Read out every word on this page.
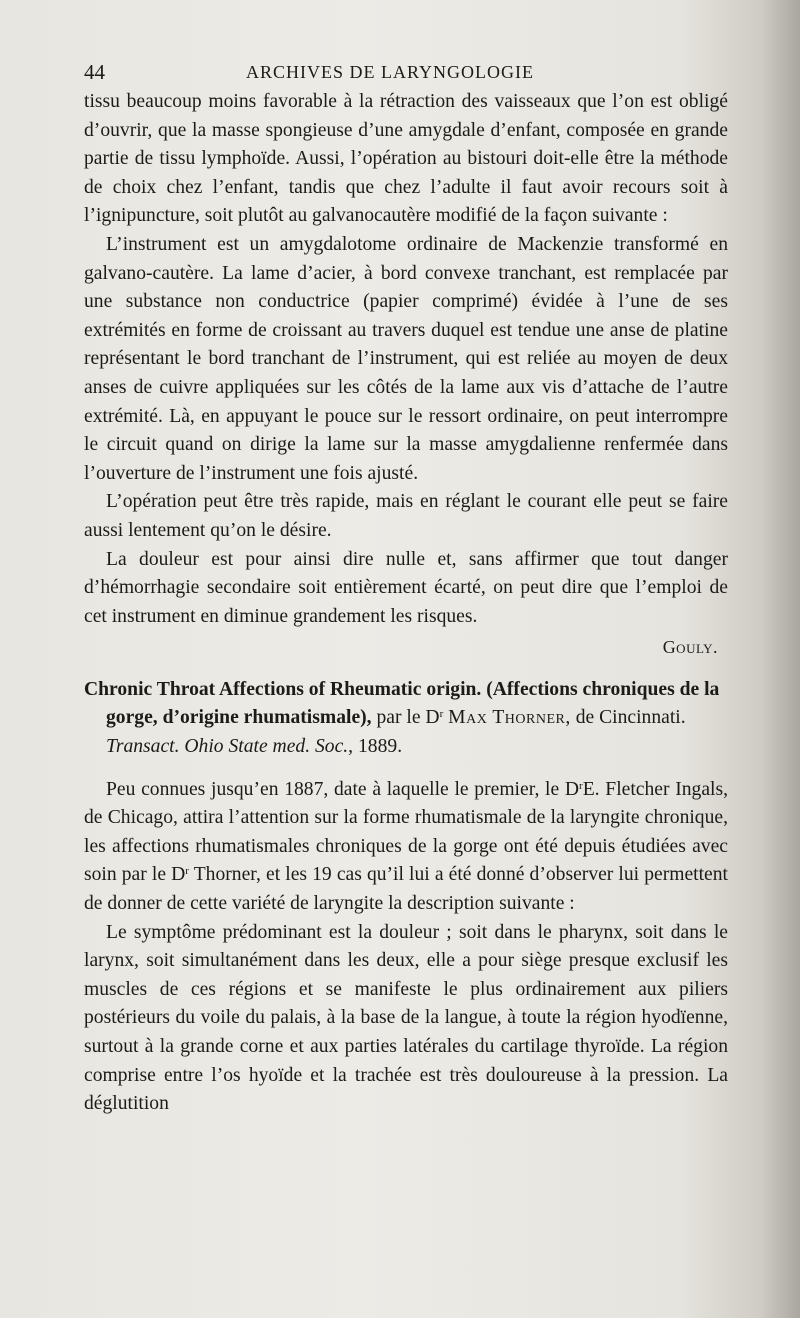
44	ARCHIVES DE LARYNGOLOGIE

tissu beaucoup moins favorable à la rétraction des vaisseaux que l’on est obligé d’ouvrir, que la masse spongieuse d’une amygdale d’enfant, composée en grande partie de tissu lymphoïde. Aussi, l’opération au bistouri doit-elle être la méthode de choix chez l’enfant, tandis que chez l’adulte il faut avoir recours soit à l’ignipuncture, soit plutôt au galvanocautère modifié de la façon suivante :

L’instrument est un amygdalotome ordinaire de Mackenzie transformé en galvano-cautère. La lame d’acier, à bord convexe tranchant, est remplacée par une substance non conductrice (papier comprimé) évidée à l’une de ses extrémités en forme de croissant au travers duquel est tendue une anse de platine représentant le bord tranchant de l’instrument, qui est reliée au moyen de deux anses de cuivre appliquées sur les côtés de la lame aux vis d’attache de l’autre extrémité. Là, en appuyant le pouce sur le ressort ordinaire, on peut interrompre le circuit quand on dirige la lame sur la masse amygdalienne renfermée dans l’ouverture de l’instrument une fois ajusté.

L’opération peut être très rapide, mais en réglant le courant elle peut se faire aussi lentement qu’on le désire.

La douleur est pour ainsi dire nulle et, sans affirmer que tout danger d’hémorrhagie secondaire soit entièrement écarté, on peut dire que l’emploi de cet instrument en diminue grandement les risques.

Gouly.

Chronic Throat Affections of Rheumatic origin. (Affections chroniques de la gorge, d’origine rhumatismale), par le $D^r$ Max Thorner, de Cincinnati. Transact. Ohio State med. Soc., 1889.

Peu connues jusqu’en 1887, date à laquelle le premier, le $D^rE$. Fletcher Ingals, de Chicago, attira l’attention sur la forme rhumatismale de la laryngite chronique, les affections rhumatismales chroniques de la gorge ont été depuis étudiées avec soin par le $D^r$ Thorner, et les 19 cas qu’il lui a été donné d’observer lui permettent de donner de cette variété de laryngite la description suivante :

Le symptôme prédominant est la douleur ; soit dans le pharynx, soit dans le larynx, soit simultanément dans les deux, elle a pour siège presque exclusif les muscles de ces régions et se manifeste le plus ordinairement aux piliers postérieurs du voile du palais, à la base de la langue, à toute la région hyodïenne, surtout à la grande corne et aux parties latérales du cartilage thyroïde. La région comprise entre l’os hyoïde et la trachée est très douloureuse à la pression. La déglutition
